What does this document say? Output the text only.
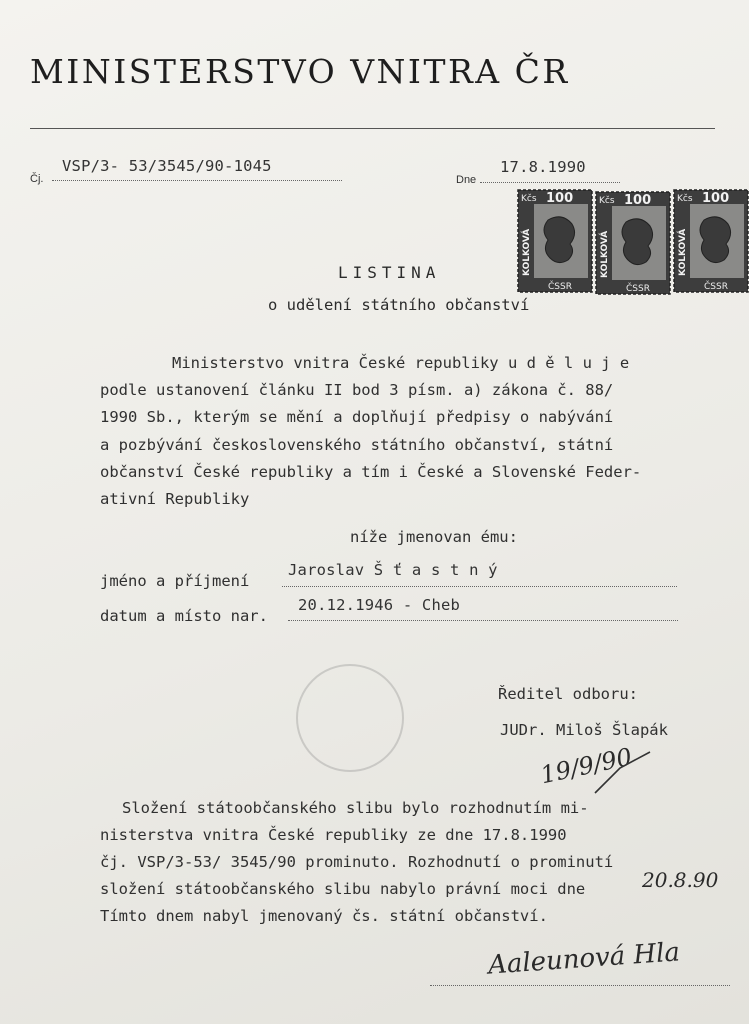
MINISTERSTVO VNITRA ČR
Čj.
VSP/3- 53/3545/90-1045
Dne
17.8.1990
Kčs 100
KOLKOVÁ
ČSSR
Kčs 100
KOLKOVÁ
ČSSR
Kčs 100
KOLKOVÁ
ČSSR
LISTINA
o udělení státního občanství
Ministerstvo vnitra České republiky u d ě l u j e
podle ustanovení článku II bod 3 písm. a) zákona č. 88/
1990 Sb., kterým se mění a doplňují předpisy o nabývání
a pozbývání československého státního občanství, státní
občanství České republiky a tím i České a Slovenské Feder-
ativní Republiky
níže jmenovan ému:
jméno a příjmení
Jaroslav Š ť a s t n ý
datum a místo nar.
20.12.1946 - Cheb
Ředitel odboru:
JUDr. Miloš Šlapák
19/9/90
Složení státoobčanského slibu bylo rozhodnutím mi-
nisterstva vnitra České republiky ze dne 17.8.1990
čj. VSP/3-53/ 3545/90 prominuto. Rozhodnutí o prominutí
složení státoobčanského slibu nabylo právní moci dne	20.8.90
Tímto dnem nabyl jmenovaný čs. státní občanství.
Aaleunová Hla
